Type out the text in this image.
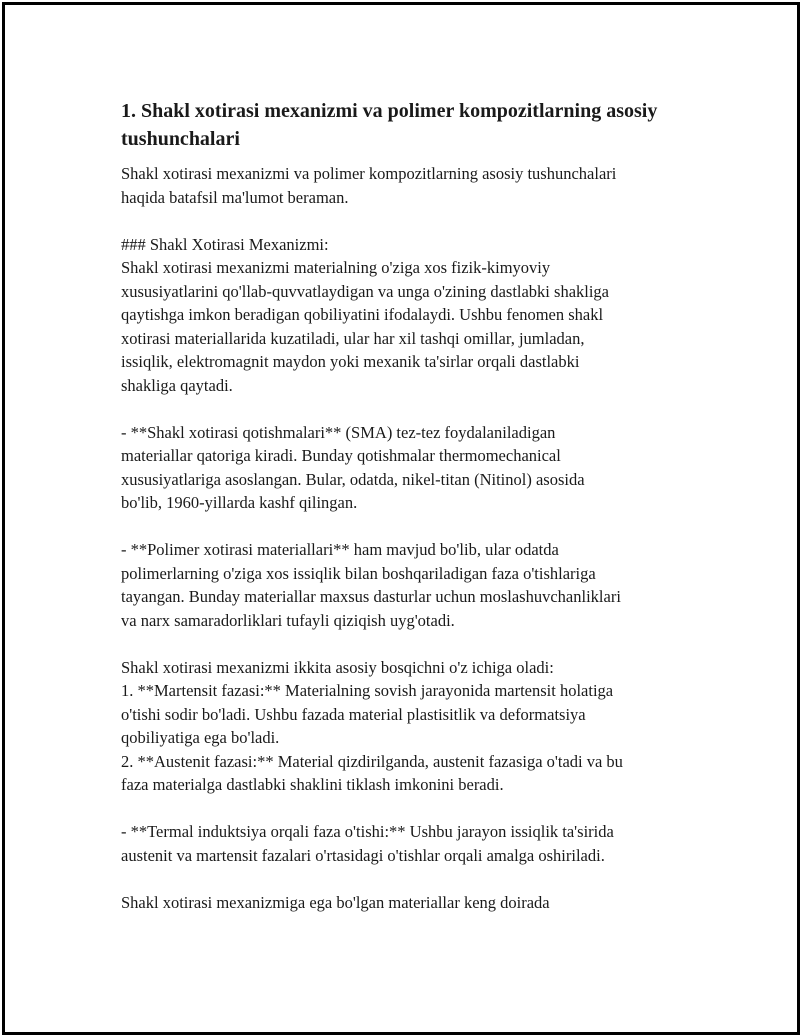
1. Shakl xotirasi mexanizmi va polimer kompozitlarning asosiy
tushunchalari
Shakl xotirasi mexanizmi va polimer kompozitlarning asosiy tushunchalari
haqida batafsil ma'lumot beraman.

### Shakl Xotirasi Mexanizmi:
Shakl xotirasi mexanizmi materialning o'ziga xos fizik-kimyoviy
xususiyatlarini qo'llab-quvvatlaydigan va unga o'zining dastlabki shakliga
qaytishga imkon beradigan qobiliyatini ifodalaydi. Ushbu fenomen shakl
xotirasi materiallarida kuzatiladi, ular har xil tashqi omillar, jumladan,
issiqlik, elektromagnit maydon yoki mexanik ta'sirlar orqali dastlabki
shakliga qaytadi.

- **Shakl xotirasi qotishmalari** (SMA) tez-tez foydalaniladigan
materiallar qatoriga kiradi. Bunday qotishmalar thermomechanical
xususiyatlariga asoslangan. Bular, odatda, nikel-titan (Nitinol) asosida
bo'lib, 1960-yillarda kashf qilingan.

- **Polimer xotirasi materiallari** ham mavjud bo'lib, ular odatda
polimerlarning o'ziga xos issiqlik bilan boshqariladigan faza o'tishlariga
tayangan. Bunday materiallar maxsus dasturlar uchun moslashuvchanliklari
va narx samaradorliklari tufayli qiziqish uyg'otadi.

Shakl xotirasi mexanizmi ikkita asosiy bosqichni o'z ichiga oladi:
1. **Martensit fazasi:** Materialning sovish jarayonida martensit holatiga
o'tishi sodir bo'ladi. Ushbu fazada material plastisitlik va deformatsiya
qobiliyatiga ega bo'ladi.
2. **Austenit fazasi:** Material qizdirilganda, austenit fazasiga o'tadi va bu
faza materialga dastlabki shaklini tiklash imkonini beradi.

- **Termal induktsiya orqali faza o'tishi:** Ushbu jarayon issiqlik ta'sirida
austenit va martensit fazalari o'rtasidagi o'tishlar orqali amalga oshiriladi.

Shakl xotirasi mexanizmiga ega bo'lgan materiallar keng doirada
